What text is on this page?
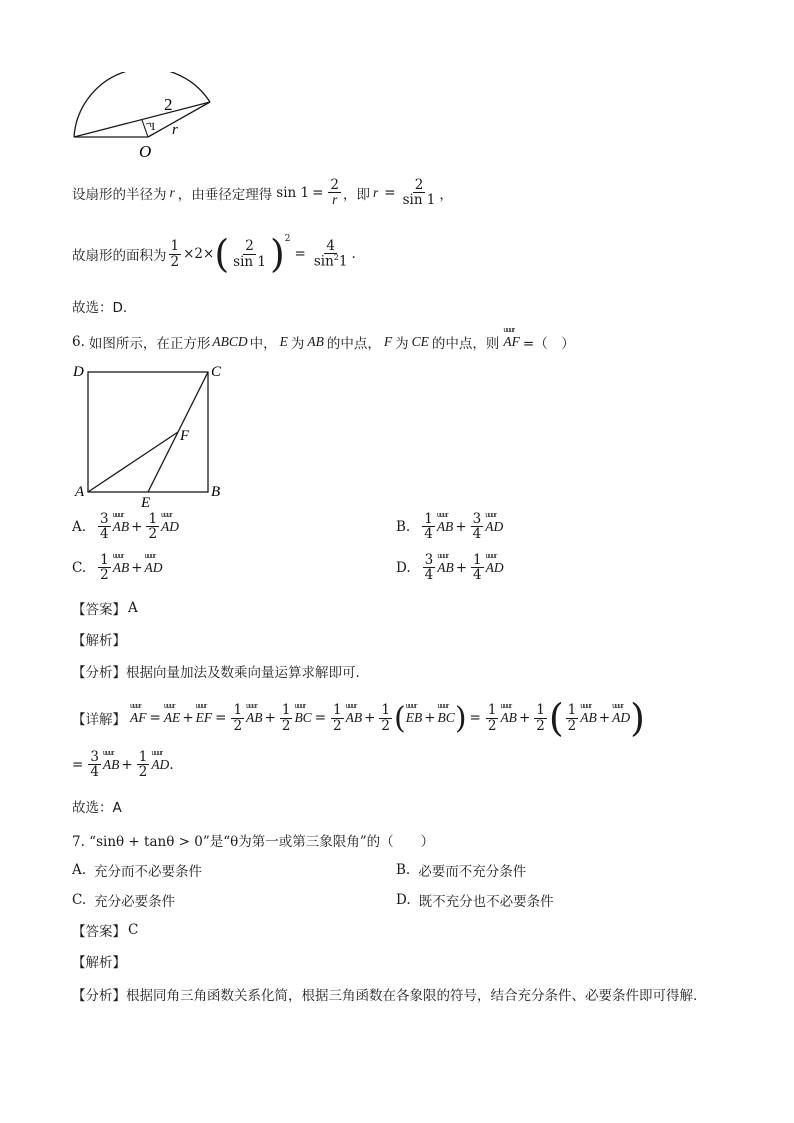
2
r
1
O
设扇形的半径为 r ，由垂径定理得 $\sin 1 = \frac{2}{r}$ ，即 $r = \frac{2}{\sin 1}$ ，
故扇形的面积为 $\frac{1}{2} \times 2\times$ ( $\frac{2}{\sin 1}$ ) 2
= $\frac{4}{\sin^21}$ .
故选：D.
6. 如图所示，在正方形 ABCD 中， E 为 AB 的中点， F 为 CE 的中点，则 uuur AF =（　）
D	C
F
A
E
B
A. $\frac{3}{4}$ uuur AB + $\frac{1}{2}$ uuur AD	B. $\frac{1}{4}$ uuur AB + $\frac{3}{4}$ uuur AD
C. $\frac{1}{2}$ uuur AB + uuur AD	D. $\frac{3}{4}$ uuur AB + $\frac{1}{4}$ uuur AD
【答案】 A
【解析】
【分析】 根据向量加法及数乘向量运算求解即可.
【详解】 uuur AF = uuur AE + uuur EF = $\frac{1}{2}$ uuur AB + $\frac{1}{2}$ uuur BC = $\frac{1}{2}$ uuur AB + $\frac{1}{2}$ ( uuur EB + uuur BC ) = $\frac{1}{2}$ uuur AB + $\frac{1}{2}$ ( $\frac{1}{2}$ uuur AB + uuur AD )
= $\frac{3}{4}$ uuur AB + $\frac{1}{2}$ uuur AD .
故选：A
7. “sinθ + tanθ > 0”是“θ为第一或第三象限角”的（　　）
A. 充分而不必要条件	B. 必要而不充分条件
C. 充分必要条件	D. 既不充分也不必要条件
【答案】 C
【解析】
【分析】 根据同角三角函数关系化简，根据三角函数在各象限的符号，结合充分条件、必要条件即可得解.
